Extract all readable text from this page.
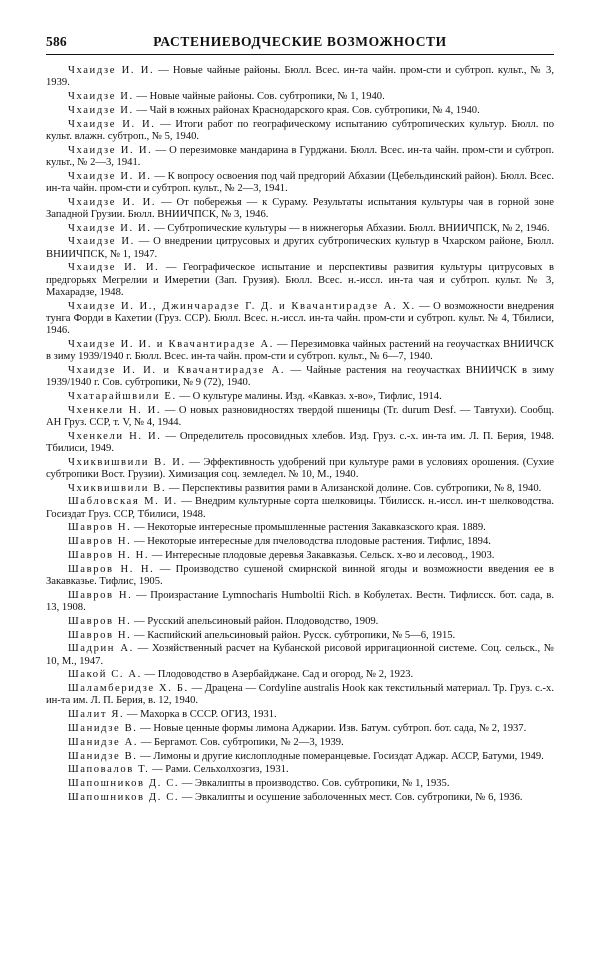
586	РАСТЕНИЕВОДЧЕСКИЕ ВОЗМОЖНОСТИ

Чхаидзе И. И. — Новые чайные районы. Бюлл. Всес. ин-та чайн. пром-сти и субтроп. культ., № 3, 1939.

Чхаидзе И. — Новые чайные районы. Сов. субтропики, № 1, 1940.

Чхаидзе И. — Чай в южных районах Краснодарского края. Сов. субтропики, № 4, 1940.

Чхаидзе И. И. — Итоги работ по географическому испытанию субтропических культур. Бюлл. по культ. влажн. субтроп., № 5, 1940.

Чхаидзе И. И. — О перезимовке мандарина в Гурджани. Бюлл. Всес. ин-та чайн. пром-сти и субтроп. культ., № 2—3, 1941.

Чхаидзе И. И. — К вопросу освоения под чай предгорий Абхазии (Цебельдинский район). Бюлл. Всес. ин-та чайн. пром-сти и субтроп. культ., № 2—3, 1941.

Чхаидзе И. И. — От побережья — к Сураму. Результаты испытания культуры чая в горной зоне Западной Грузии. Бюлл. ВНИИЧПСК, № 3, 1946.

Чхаидзе И. И. — Субтропические культуры — в нижнегорья Абхазии. Бюлл. ВНИИЧПСК, № 2, 1946.

Чхаидзе И. — О внедрении цитрусовых и других субтропических культур в Чхарском районе, Бюлл. ВНИИЧПСК, № 1, 1947.

Чхаидзе И. И. — Географическое испытание и перспективы развития культуры цитрусовых в предгорьях Мегрелии и Имеретии (Зап. Грузия). Бюлл. Всес. н.-иссл. ин-та чая и субтроп. культ. № 3, Махарадзе, 1948.

Чхаидзе И. И., Джинчарадзе Г. Д. и Квачантирадзе А. Х. — О возможности внедрения тунга Форди в Кахетии (Груз. ССР). Бюлл. Всес. н.-иссл. ин-та чайн. пром-сти и субтроп. культ. № 4, Тбилиси, 1946.

Чхаидзе И. И. и Квачантирадзе А. — Перезимовка чайных растений на геоучастках ВНИИЧСК в зиму 1939/1940 г. Бюлл. Всес. ин-та чайн. пром-сти и субтроп. культ., № 6—7, 1940.

Чхаидзе И. И. и Квачантирадзе А. — Чайные растения на геоучастках ВНИИЧСК в зиму 1939/1940 г. Сов. субтропики, № 9 (72), 1940.

Чхатарайшвили Е. — О культуре малины. Изд. «Кавказ. х-во», Тифлис, 1914.

Чхенкели Н. И. — О новых разновидностях твердой пшеницы (Tr. durum Desf. — Тавтухи). Сообщ. АН Груз. ССР, т. V, № 4, 1944.

Чхенкели Н. И. — Определитель просовидных хлебов. Изд. Груз. с.-х. ин-та им. Л. П. Берия, 1948. Тбилиси, 1949.

Чхиквишвили В. И. — Эффективность удобрений при культуре рами в условиях орошения. (Сухие субтропики Вост. Грузии). Химизация соц. земледел. № 10, М., 1940.

Чхиквишвили В. — Перспективы развития рами в Ализанской долине. Сов. субтропики, № 8, 1940.

Шабловская М. И. — Внедрим культурные сорта шелковицы. Тбилисск. н.-иссл. ин-т шелководства. Госиздат Груз. ССР, Тбилиси, 1948.

Шавров Н. — Некоторые интересные промышленные растения Закавказского края. 1889.

Шавров Н. — Некоторые интересные для пчеловодства плодовые растения. Тифлис, 1894.

Шавров Н. Н. — Интересные плодовые деревья Закавказья. Сельск. х-во и лесовод., 1903.

Шавров Н. Н. — Производство сушеной смирнской винной ягоды и возможности введения ее в Закавказье. Тифлис, 1905.

Шавров Н. — Произрастание Lymnocharis Humboltii Rich. в Кобулетах. Вестн. Тифлисск. бот. сада, в. 13, 1908.

Шавров Н. — Русский апельсиновый район. Плодоводство, 1909.

Шавров Н. — Каспийский апельсиновый район. Русск. субтропики, № 5—6, 1915.

Шадрин А. — Хозяйственный расчет на Кубанской рисовой ирригационной системе. Соц. сельск., № 10, М., 1947.

Шакой С. А. — Плодоводство в Азербайджане. Сад и огород, № 2, 1923.

Шаламберидзе Х. Б. — Драцена — Cordyline australis Hook как текстильный материал. Тр. Груз. с.-х. ин-та им. Л. П. Берия, в. 12, 1940.

Шалит Я. — Махорка в СССР. ОГИЗ, 1931.

Шанидзе В. — Новые ценные формы лимона Аджарии. Изв. Батум. субтроп. бот. сада, № 2, 1937.

Шанидзе А. — Бергамот. Сов. субтропики, № 2—3, 1939.

Шанидзе В. — Лимоны и другие кислоплодные померанцевые. Госиздат Аджар. АССР, Батуми, 1949.

Шаповалов Т. — Рами. Сельхолхозгиз, 1931.

Шапошников Д. С. — Эвкалипты в производство. Сов. субтропики, № 1, 1935.

Шапошников Д. С. — Эвкалипты и осушение заболоченных мест. Сов. субтропики, № 6, 1936.
